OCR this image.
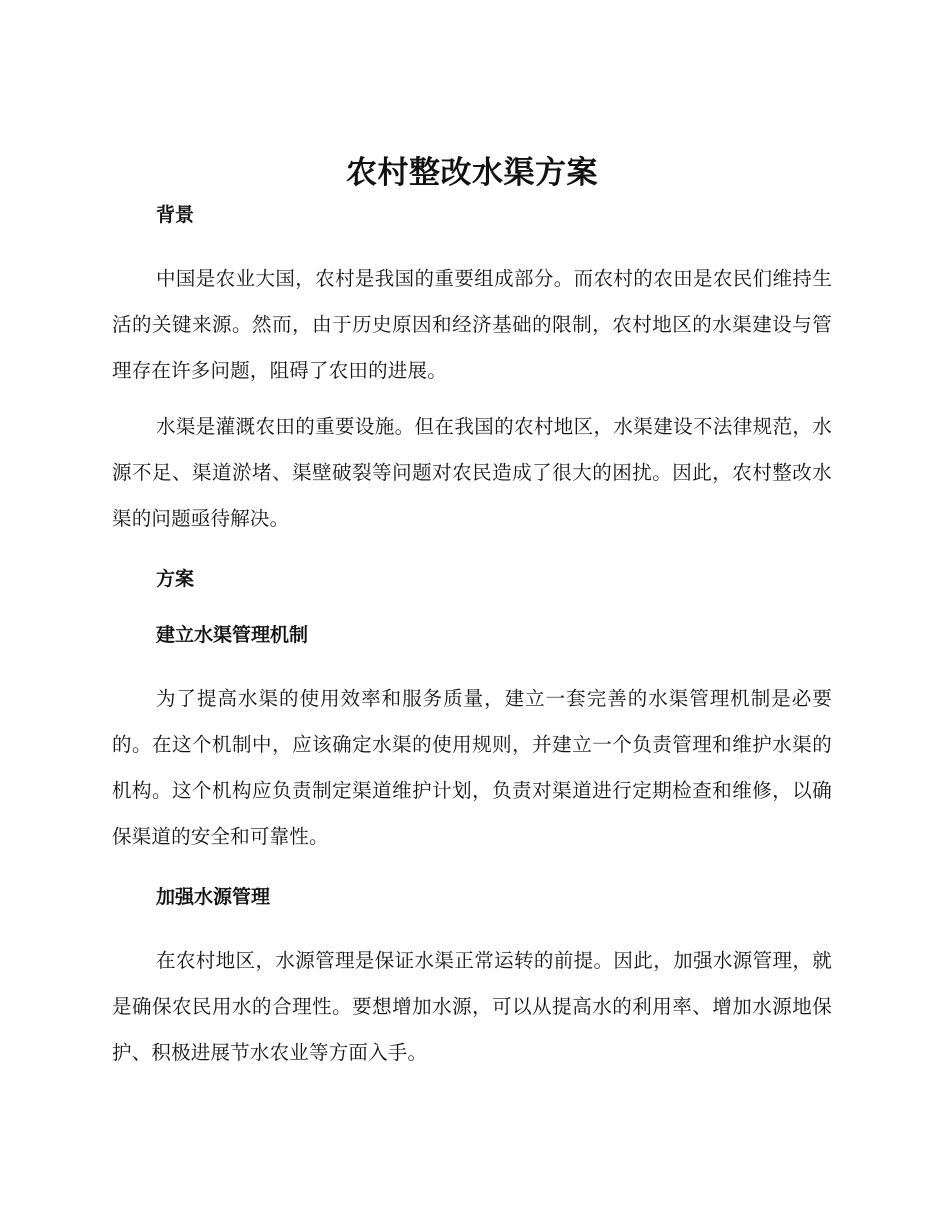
农村整改水渠方案
背景

中国是农业大国，农村是我国的重要组成部分。而农村的农田是农民们维持生活的关键来源。然而，由于历史原因和经济基础的限制，农村地区的水渠建设与管理存在许多问题，阻碍了农田的进展。

水渠是灌溉农田的重要设施。但在我国的农村地区，水渠建设不法律规范，水源不足、渠道淤堵、渠壁破裂等问题对农民造成了很大的困扰。因此，农村整改水渠的问题亟待解决。

方案
建立水渠管理机制

为了提高水渠的使用效率和服务质量，建立一套完善的水渠管理机制是必要的。在这个机制中，应该确定水渠的使用规则，并建立一个负责管理和维护水渠的机构。这个机构应负责制定渠道维护计划，负责对渠道进行定期检查和维修，以确保渠道的安全和可靠性。

加强水源管理

在农村地区，水源管理是保证水渠正常运转的前提。因此，加强水源管理，就是确保农民用水的合理性。要想增加水源，可以从提高水的利用率、增加水源地保护、积极进展节水农业等方面入手。
